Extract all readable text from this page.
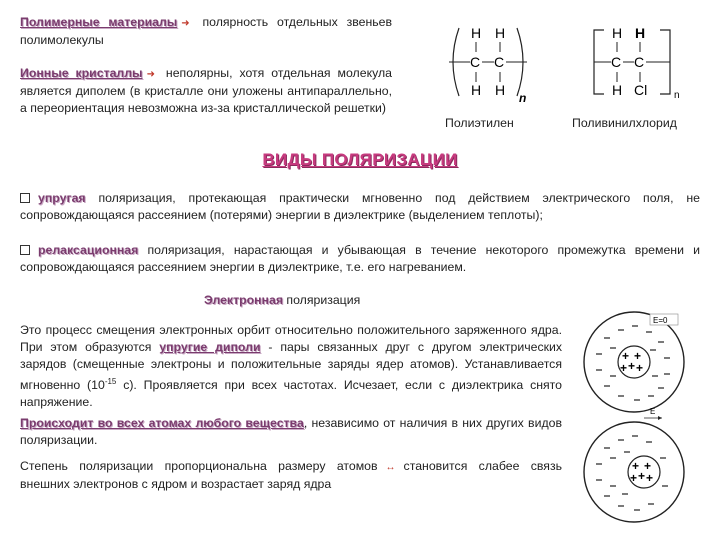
Полимерные материалы ➜ полярность отдельных звеньев полимолекулы
Ионные кристаллы ➜ неполярны, хотя отдельная молекула является диполем (в кристалле они уложены антипараллельно, а переориентация невозможна из-за кристаллической решетки)
H H
C C
H H n
Полиэтилен
H H
C C
H Cl	n
Поливинилхлорид
ВИДЫ ПОЛЯРИЗАЦИИ
упругая поляризация, протекающая практически мгновенно под действием электрического поля, не сопровождающаяся рассеянием (потерями) энергии в диэлектрике (выделением теплоты);
релаксационная поляризация, нарастающая и убывающая в течение некоторого промежутка времени и сопровождающаяся рассеянием энергии в диэлектрике, т.е. его нагреванием.
Электронная поляризация
Это процесс смещения электронных орбит относительно положительного заряженного ядра. При этом образуются упругие диполи - пары связанных друг с другом электрических зарядов (смещенные электроны и положительные заряды ядер атомов). Устанавливается мгновенно ($10^{-15}$ с). Проявляется при всех частотах. Исчезает, если с диэлектрика снято напряжение.
Происходит во всех атомах любого вещества, независимо от наличия в них других видов поляризации.
Степень поляризации пропорциональна размеру атомов ↔ становится слабее связь внешних электронов с ядром и возрастает заряд ядра
E=0
+ +
+
+ +
E
+ +
+
+ +
